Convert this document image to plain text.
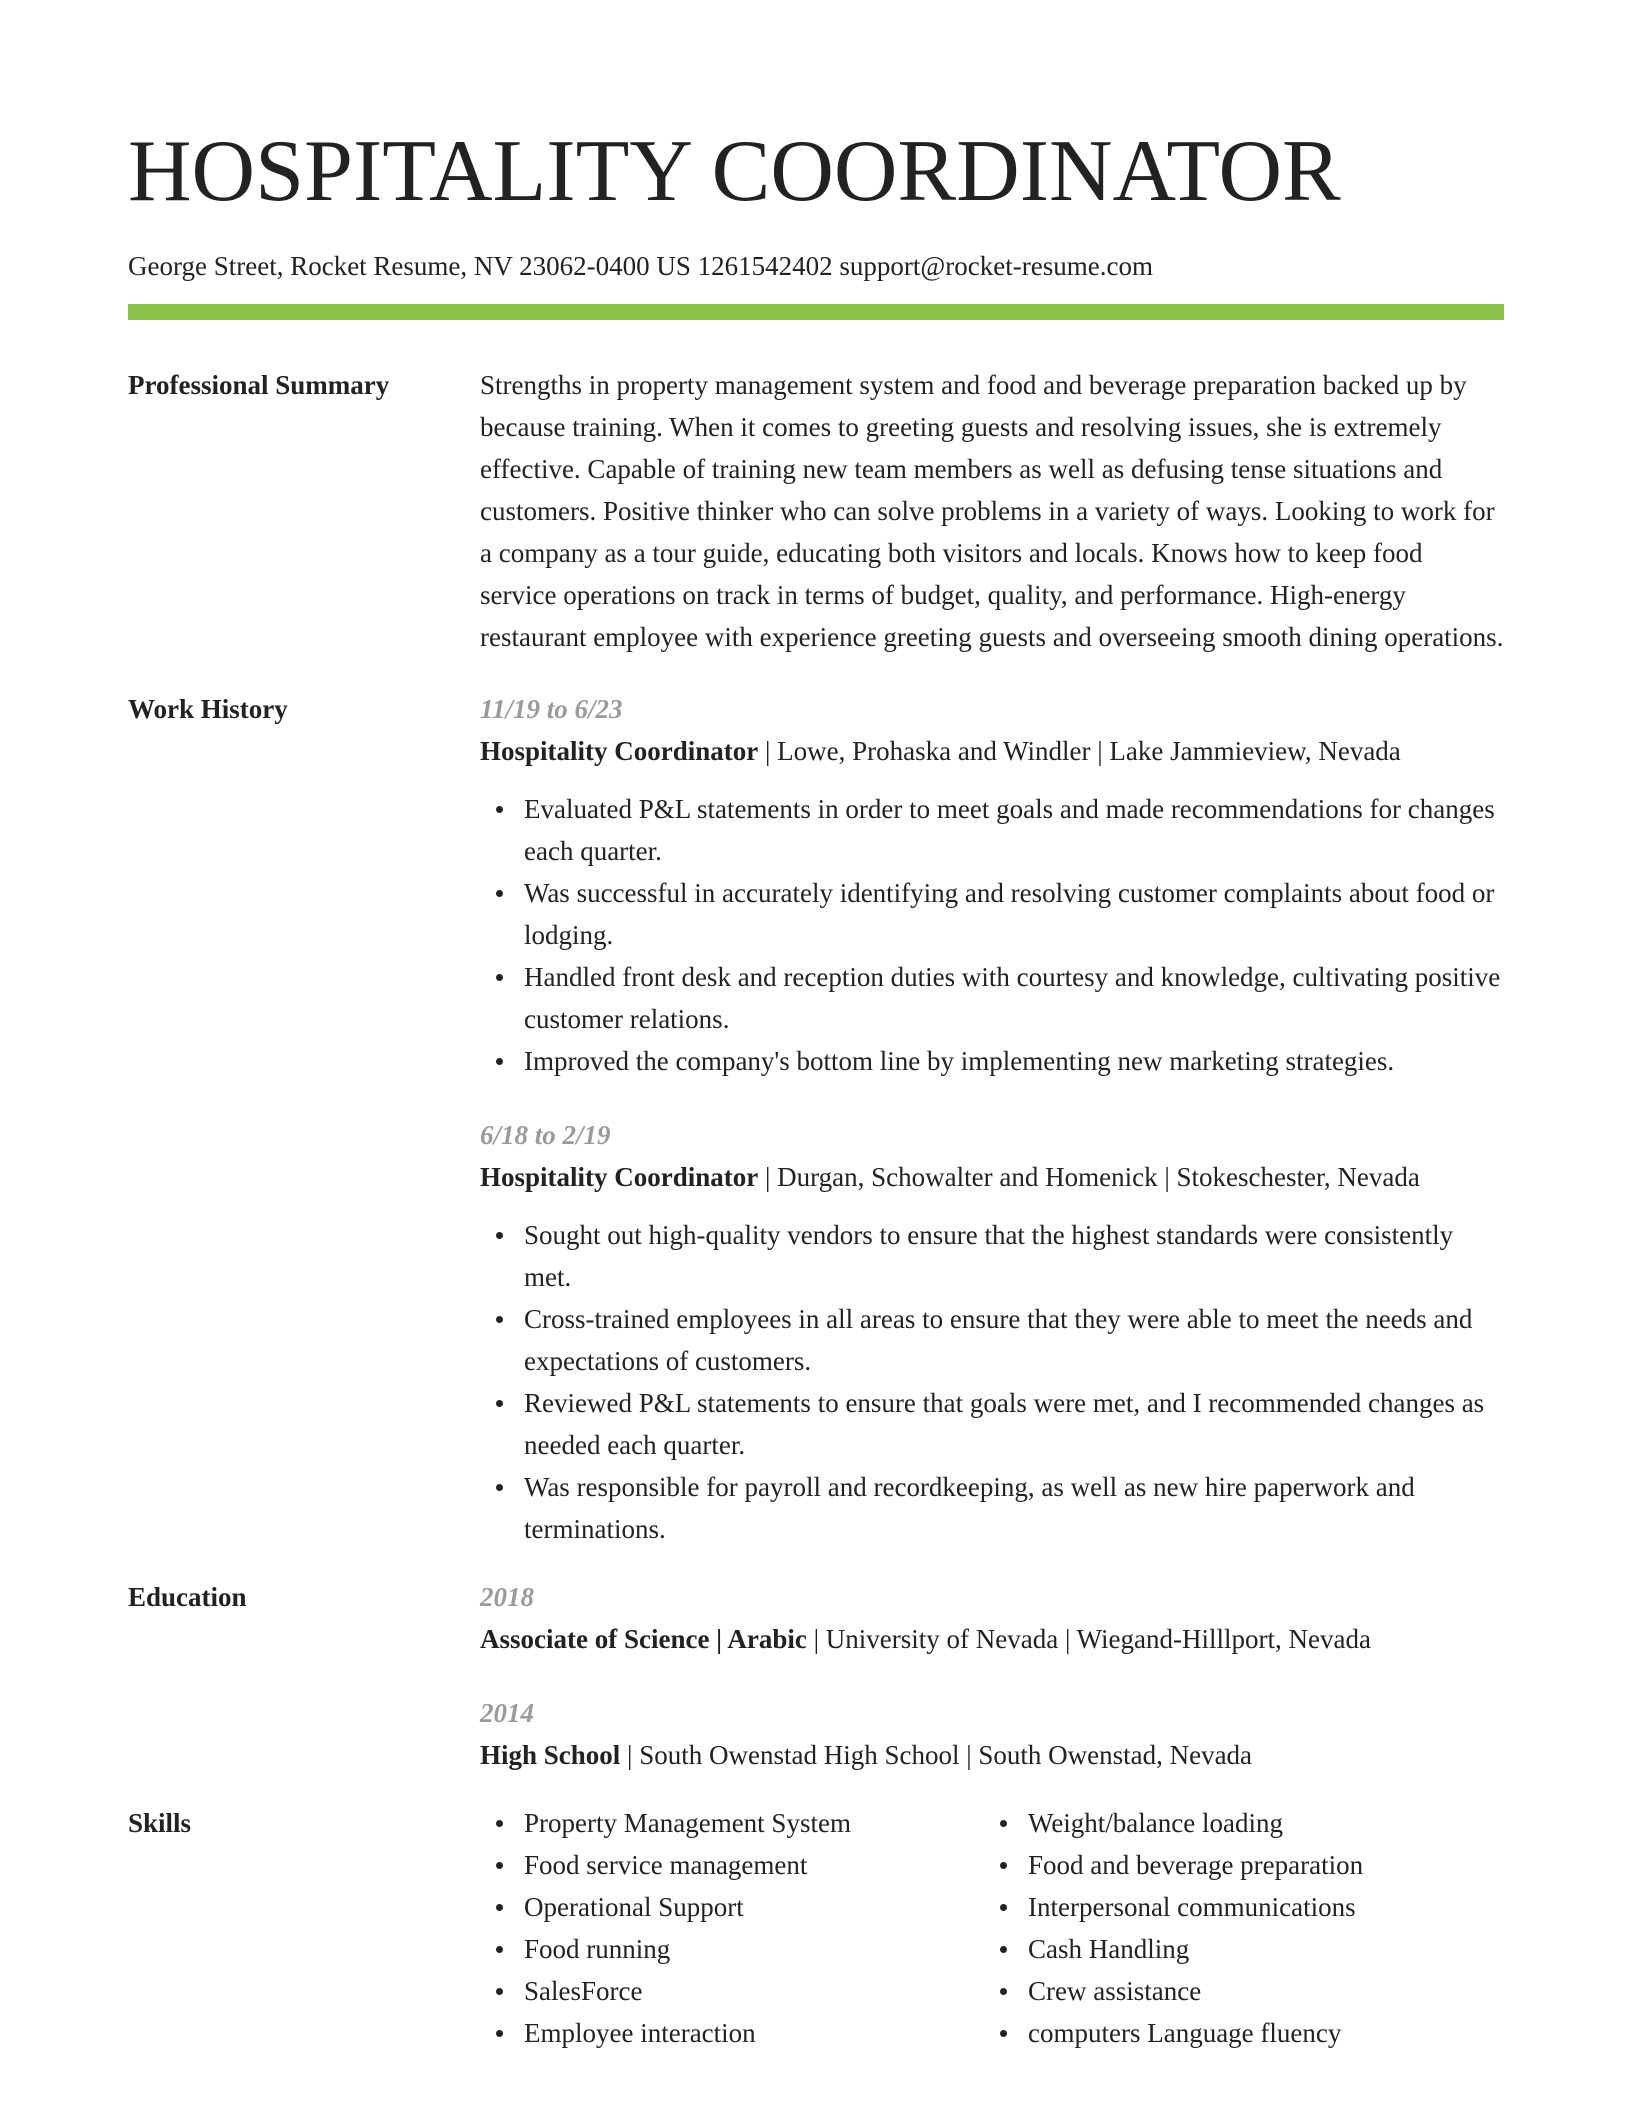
HOSPITALITY COORDINATOR
George Street, Rocket Resume, NV 23062-0400 US 1261542402 support@rocket-resume.com
Professional Summary	Strengths in property management system and food and beverage preparation backed up by because training. When it comes to greeting guests and resolving issues, she is extremely effective. Capable of training new team members as well as defusing tense situations and customers. Positive thinker who can solve problems in a variety of ways. Looking to work for a company as a tour guide, educating both visitors and locals. Knows how to keep food service operations on track in terms of budget, quality, and performance. High-energy restaurant employee with experience greeting guests and overseeing smooth dining operations.
Work History	11/19 to 6/23
Hospitality Coordinator | Lowe, Prohaska and Windler | Lake Jammieview, Nevada
Evaluated P&L statements in order to meet goals and made recommendations for changes each quarter.
Was successful in accurately identifying and resolving customer complaints about food or lodging.
Handled front desk and reception duties with courtesy and knowledge, cultivating positive customer relations.
Improved the company's bottom line by implementing new marketing strategies.
6/18 to 2/19
Hospitality Coordinator | Durgan, Schowalter and Homenick | Stokeschester, Nevada
Sought out high-quality vendors to ensure that the highest standards were consistently met.
Cross-trained employees in all areas to ensure that they were able to meet the needs and expectations of customers.
Reviewed P&L statements to ensure that goals were met, and I recommended changes as needed each quarter.
Was responsible for payroll and recordkeeping, as well as new hire paperwork and terminations.
Education	2018
Associate of Science | Arabic | University of Nevada | Wiegand-Hilllport, Nevada
2014
High School | South Owenstad High School | South Owenstad, Nevada
Skills	Property Management System
Food service management
Operational Support
Food running
SalesForce
Employee interaction
Weight/balance loading
Food and beverage preparation
Interpersonal communications
Cash Handling
Crew assistance
computers Language fluency
